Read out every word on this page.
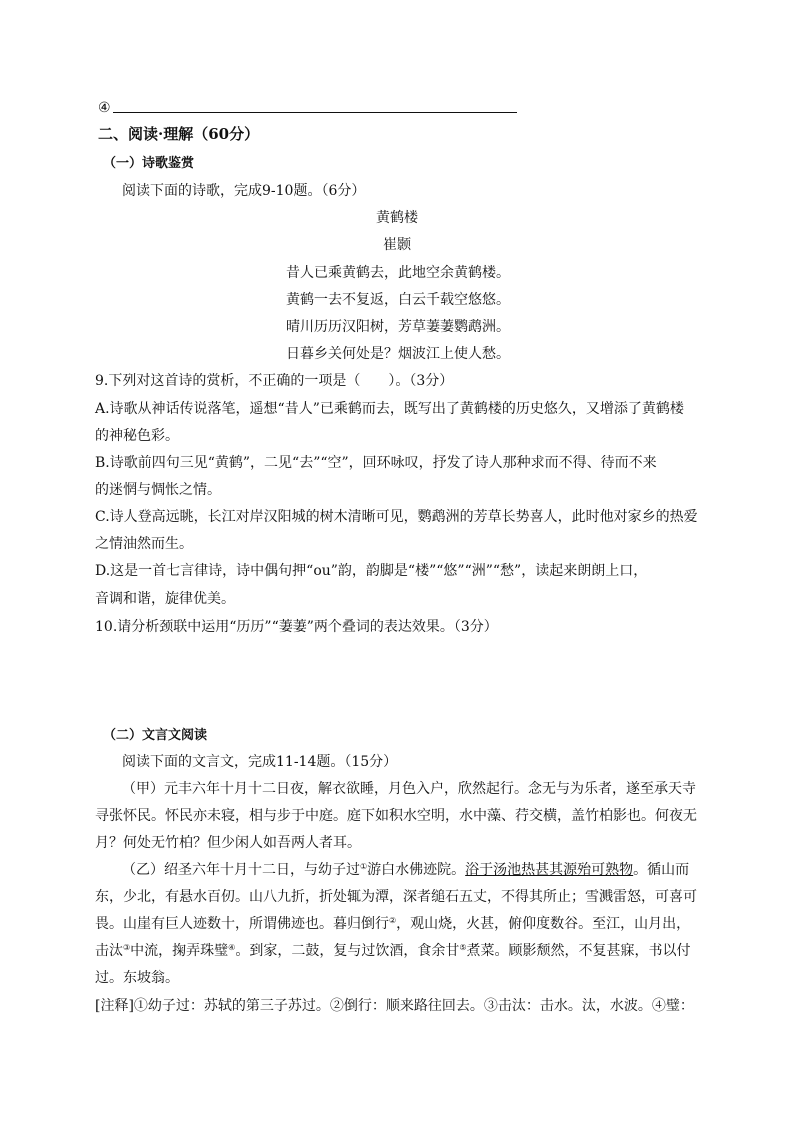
④
二、阅读·理解（60分）
（一）诗歌鉴赏
阅读下面的诗歌，完成9-10题。（6分）
黄鹤楼
崔颢
昔人已乘黄鹤去，此地空余黄鹤楼。
黄鹤一去不复返，白云千载空悠悠。
晴川历历汉阳树，芳草萋萋鹦鹉洲。
日暮乡关何处是？烟波江上使人愁。
9.下列对这首诗的赏析，不正确的一项是（　　）。（3分）
A.诗歌从神话传说落笔，遥想“昔人”已乘鹤而去，既写出了黄鹤楼的历史悠久，又增添了黄鹤楼
的神秘色彩。
B.诗歌前四句三见“黄鹤”，二见“去”“空”，回环咏叹，抒发了诗人那种求而不得、待而不来
的迷惘与惆怅之情。
C.诗人登高远眺，长江对岸汉阳城的树木清晰可见，鹦鹉洲的芳草长势喜人，此时他对家乡的热爱
之情油然而生。
D.这是一首七言律诗，诗中偶句押“ou”韵，韵脚是“楼”“悠”“洲”“愁”，读起来朗朗上口，
音调和谐，旋律优美。
10.请分析颈联中运用“历历”“萋萋”两个叠词的表达效果。（3分）
（二）文言文阅读
阅读下面的文言文，完成11-14题。（15分）
（甲）元丰六年十月十二日夜，解衣欲睡，月色入户，欣然起行。念无与为乐者，遂至承天寺
寻张怀民。怀民亦未寝，相与步于中庭。庭下如积水空明，水中藻、荇交横，盖竹柏影也。何夜无
月？何处无竹柏？但少闲人如吾两人者耳。
（乙）绍圣六年十月十二日，与幼子过①游白水佛迹院。浴于汤池热甚其源殆可熟物。循山而
东，少北，有悬水百仞。山八九折，折处辄为潭，深者缒石五丈，不得其所止；雪溅雷怒，可喜可
畏。山崖有巨人迹数十，所谓佛迹也。暮归倒行②，观山烧，火甚，俯仰度数谷。至江，山月出，
击汰③中流，掬弄珠璧④。到家，二鼓，复与过饮酒，食余甘⑤煮菜。顾影颓然，不复甚寐，书以付
过。东坡翁。
[注释]①幼子过：苏轼的第三子苏过。②倒行：顺来路往回去。③击汰：击水。汰，水波。④璧：
